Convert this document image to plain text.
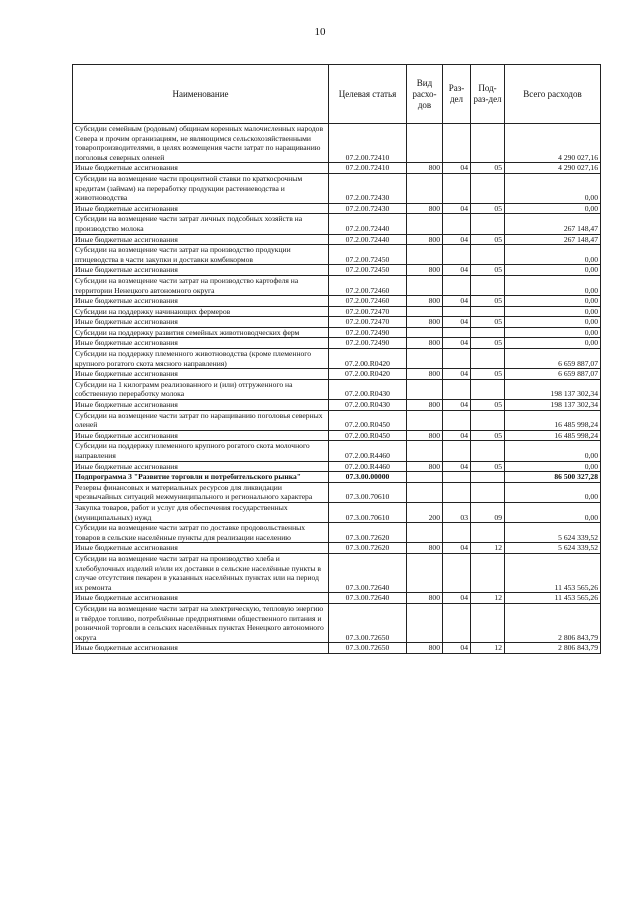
10
Наименование	Целевая статья	Вид расхо-дов	Раз-дел	Под-раз-дел	Всего расходов
Субсидии семейным (родовым) общинам коренных малочисленных народов Севера и прочим организациям, не являющимся сельскохозяйственными товаропроизводителями, в целях возмещения части затрат по наращиванию поголовья северных оленей	07.2.00.72410				4 290 027,16
Иные бюджетные ассигнования	07.2.00.72410	800	04	05	4 290 027,16
Субсидии на возмещение части процентной ставки по краткосрочным кредитам (займам) на переработку продукции растениеводства и животноводства	07.2.00.72430				0,00
Иные бюджетные ассигнования	07.2.00.72430	800	04	05	0,00
Субсидии на возмещение части затрат личных подсобных хозяйств на производство молока	07.2.00.72440				267 148,47
Иные бюджетные ассигнования	07.2.00.72440	800	04	05	267 148,47
Субсидии на возмещение части затрат на производство продукции птицеводства в части закупки и доставки комбикормов	07.2.00.72450				0,00
Иные бюджетные ассигнования	07.2.00.72450	800	04	05	0,00
Субсидии на возмещение части затрат на производство картофеля на территории Ненецкого автономного округа	07.2.00.72460				0,00
Иные бюджетные ассигнования	07.2.00.72460	800	04	05	0,00
Субсидии на поддержку начинающих фермеров	07.2.00.72470				0,00
Иные бюджетные ассигнования	07.2.00.72470	800	04	05	0,00
Субсидии на поддержку развития семейных животноводческих ферм	07.2.00.72490				0,00
Иные бюджетные ассигнования	07.2.00.72490	800	04	05	0,00
Субсидии на поддержку племенного животноводства (кроме племенного крупного рогатого скота мясного направления)	07.2.00.R0420				6 659 887,07
Иные бюджетные ассигнования	07.2.00.R0420	800	04	05	6 659 887,07
Субсидии на 1 килограмм реализованного и (или) отгруженного на собственную переработку молока	07.2.00.R0430				198 137 302,34
Иные бюджетные ассигнования	07.2.00.R0430	800	04	05	198 137 302,34
Субсидии на возмещение части затрат по наращиванию поголовья северных оленей	07.2.00.R0450				16 485 998,24
Иные бюджетные ассигнования	07.2.00.R0450	800	04	05	16 485 998,24
Субсидии на поддержку племенного крупного рогатого скота молочного направления	07.2.00.R4460				0,00
Иные бюджетные ассигнования	07.2.00.R4460	800	04	05	0,00
Подпрограмма 3 "Развитие торговли и потребительского рынка"	07.3.00.00000				86 500 327,28
Резервы финансовых и материальных ресурсов для ликвидации чрезвычайных ситуаций межмуниципального и регионального характера	07.3.00.70610				0,00
Закупка товаров, работ и услуг для обеспечения государственных (муниципальных) нужд	07.3.00.70610	200	03	09	0,00
Субсидии на возмещение части затрат по доставке продовольственных товаров в сельские населённые пункты для реализации населению	07.3.00.72620				5 624 339,52
Иные бюджетные ассигнования	07.3.00.72620	800	04	12	5 624 339,52
Субсидии на возмещение части затрат на производство хлеба и хлебобулочных изделий и/или их доставки в сельские населённые пункты в случае отсутствия пекарен в указанных населённых пунктах или на период их ремонта	07.3.00.72640				11 453 565,26
Иные бюджетные ассигнования	07.3.00.72640	800	04	12	11 453 565,26
Субсидии на возмещение части затрат на электрическую, тепловую энергию и твёрдое топливо, потреблённые предприятиями общественного питания и розничной торговли в сельских населённых пунктах Ненецкого автономного округа	07.3.00.72650				2 806 843,79
Иные бюджетные ассигнования	07.3.00.72650	800	04	12	2 806 843,79
